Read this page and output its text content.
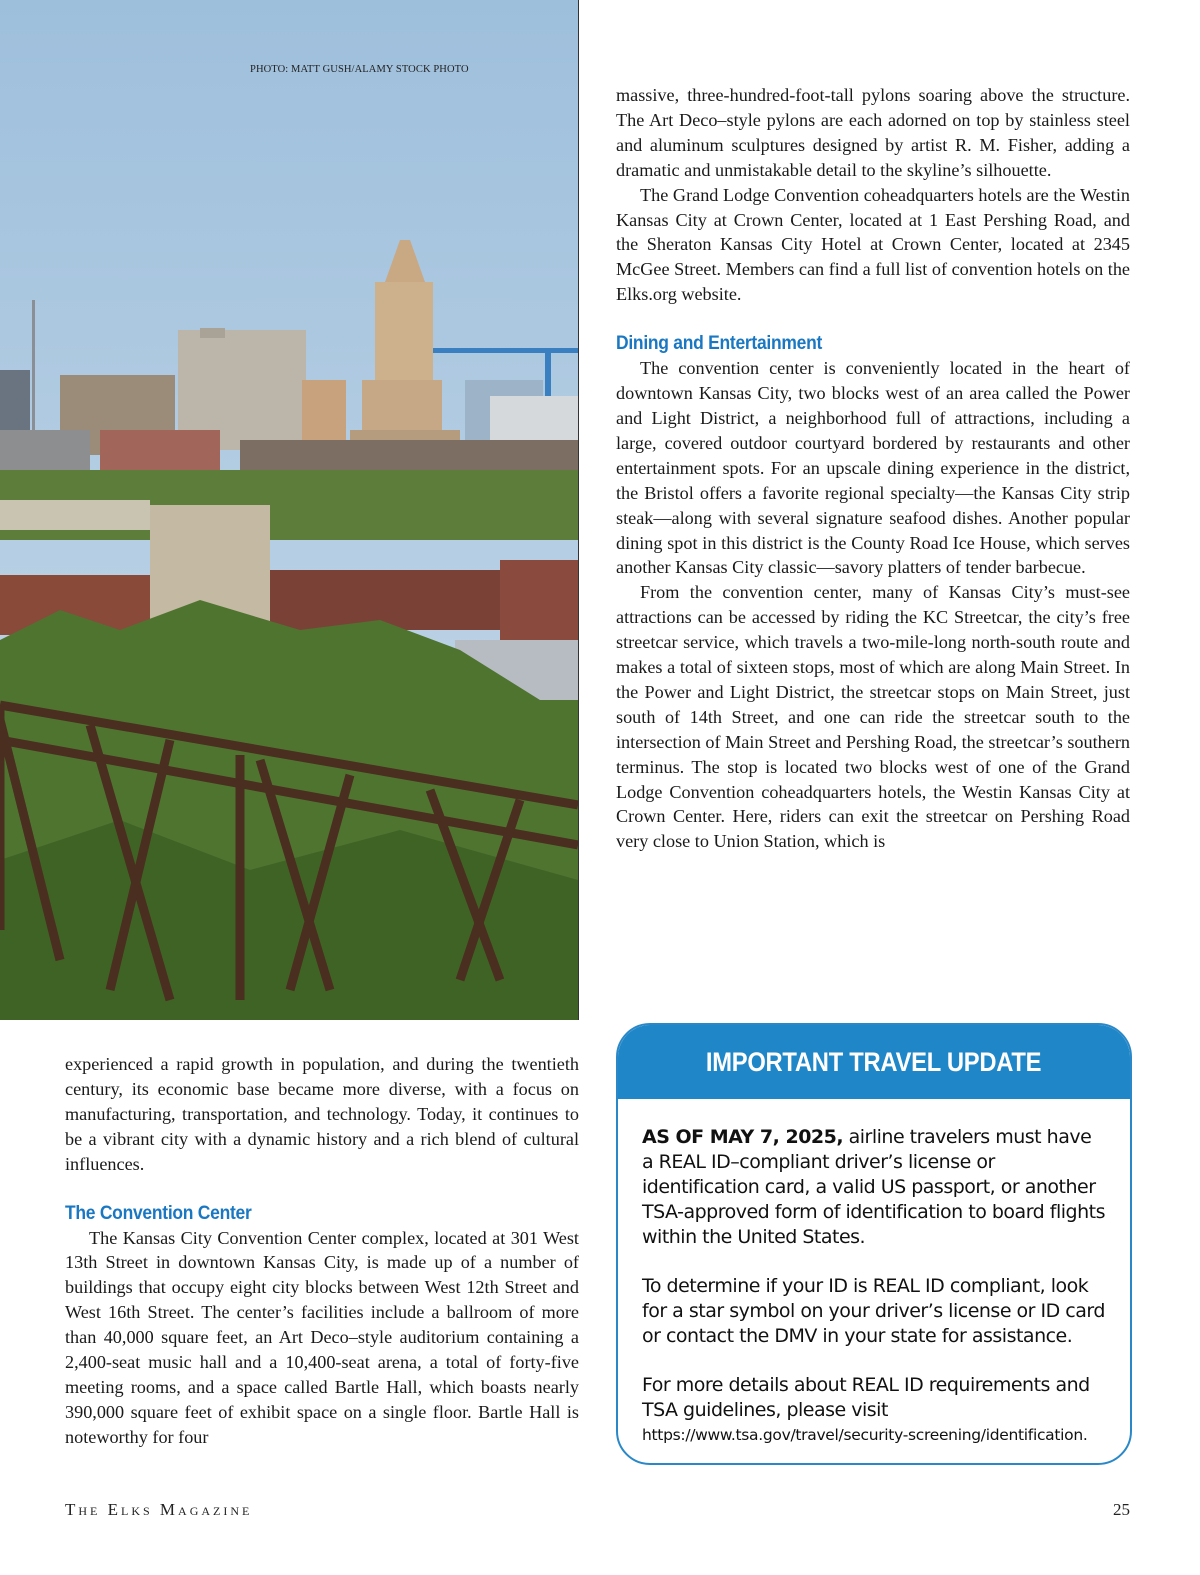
PHOTO: MATT GUSH/ALAMY STOCK PHOTO

massive, three-hundred-foot-tall pylons soaring above the structure. The Art Deco–style pylons are each adorned on top by stainless steel and aluminum sculptures designed by artist R. M. Fisher, adding a dramatic and unmistakable detail to the skyline’s silhouette.

The Grand Lodge Convention coheadquarters hotels are the Westin Kansas City at Crown Center, located at 1 East Pershing Road, and the Sheraton Kansas City Hotel at Crown Center, located at 2345 McGee Street. Members can find a full list of convention hotels on the Elks.org website.

Dining and Entertainment

The convention center is conveniently located in the heart of downtown Kansas City, two blocks west of an area called the Power and Light District, a neighborhood full of attractions, including a large, covered outdoor courtyard bordered by restaurants and other entertainment spots. For an upscale dining experience in the district, the Bristol offers a favorite regional specialty—the Kansas City strip steak—along with several signature seafood dishes. Another popular dining spot in this district is the County Road Ice House, which serves another Kansas City classic—savory platters of tender barbecue.

From the convention center, many of Kansas City’s must-see attractions can be accessed by riding the KC Streetcar, the city’s free streetcar service, which travels a two-mile-long north-south route and makes a total of sixteen stops, most of which are along Main Street. In the Power and Light District, the streetcar stops on Main Street, just south of 14th Street, and one can ride the streetcar south to the intersection of Main Street and Pershing Road, the streetcar’s southern terminus. The stop is located two blocks west of one of the Grand Lodge Convention coheadquarters hotels, the Westin Kansas City at Crown Center. Here, riders can exit the streetcar on Pershing Road very close to Union Station, which is

experienced a rapid growth in population, and during the twentieth century, its economic base became more diverse, with a focus on manufacturing, transportation, and technology. Today, it continues to be a vibrant city with a dynamic history and a rich blend of cultural influences.

The Convention Center

The Kansas City Convention Center complex, located at 301 West 13th Street in downtown Kansas City, is made up of a number of buildings that occupy eight city blocks between West 12th Street and West 16th Street. The center’s facilities include a ballroom of more than 40,000 square feet, an Art Deco–style auditorium containing a 2,400-seat music hall and a 10,400-seat arena, a total of forty-five meeting rooms, and a space called Bartle Hall, which boasts nearly 390,000 square feet of exhibit space on a single floor. Bartle Hall is noteworthy for four

IMPORTANT TRAVEL UPDATE

AS OF MAY 7, 2025, airline travelers must have a REAL ID–compliant driver’s license or identification card, a valid US passport, or another TSA-approved form of identification to board flights within the United States.

To determine if your ID is REAL ID compliant, look for a star symbol on your driver’s license or ID card or contact the DMV in your state for assistance.

For more details about REAL ID requirements and TSA guidelines, please visit
https://www.tsa.gov/travel/security-screening/identification.

The Elks Magazine	25
